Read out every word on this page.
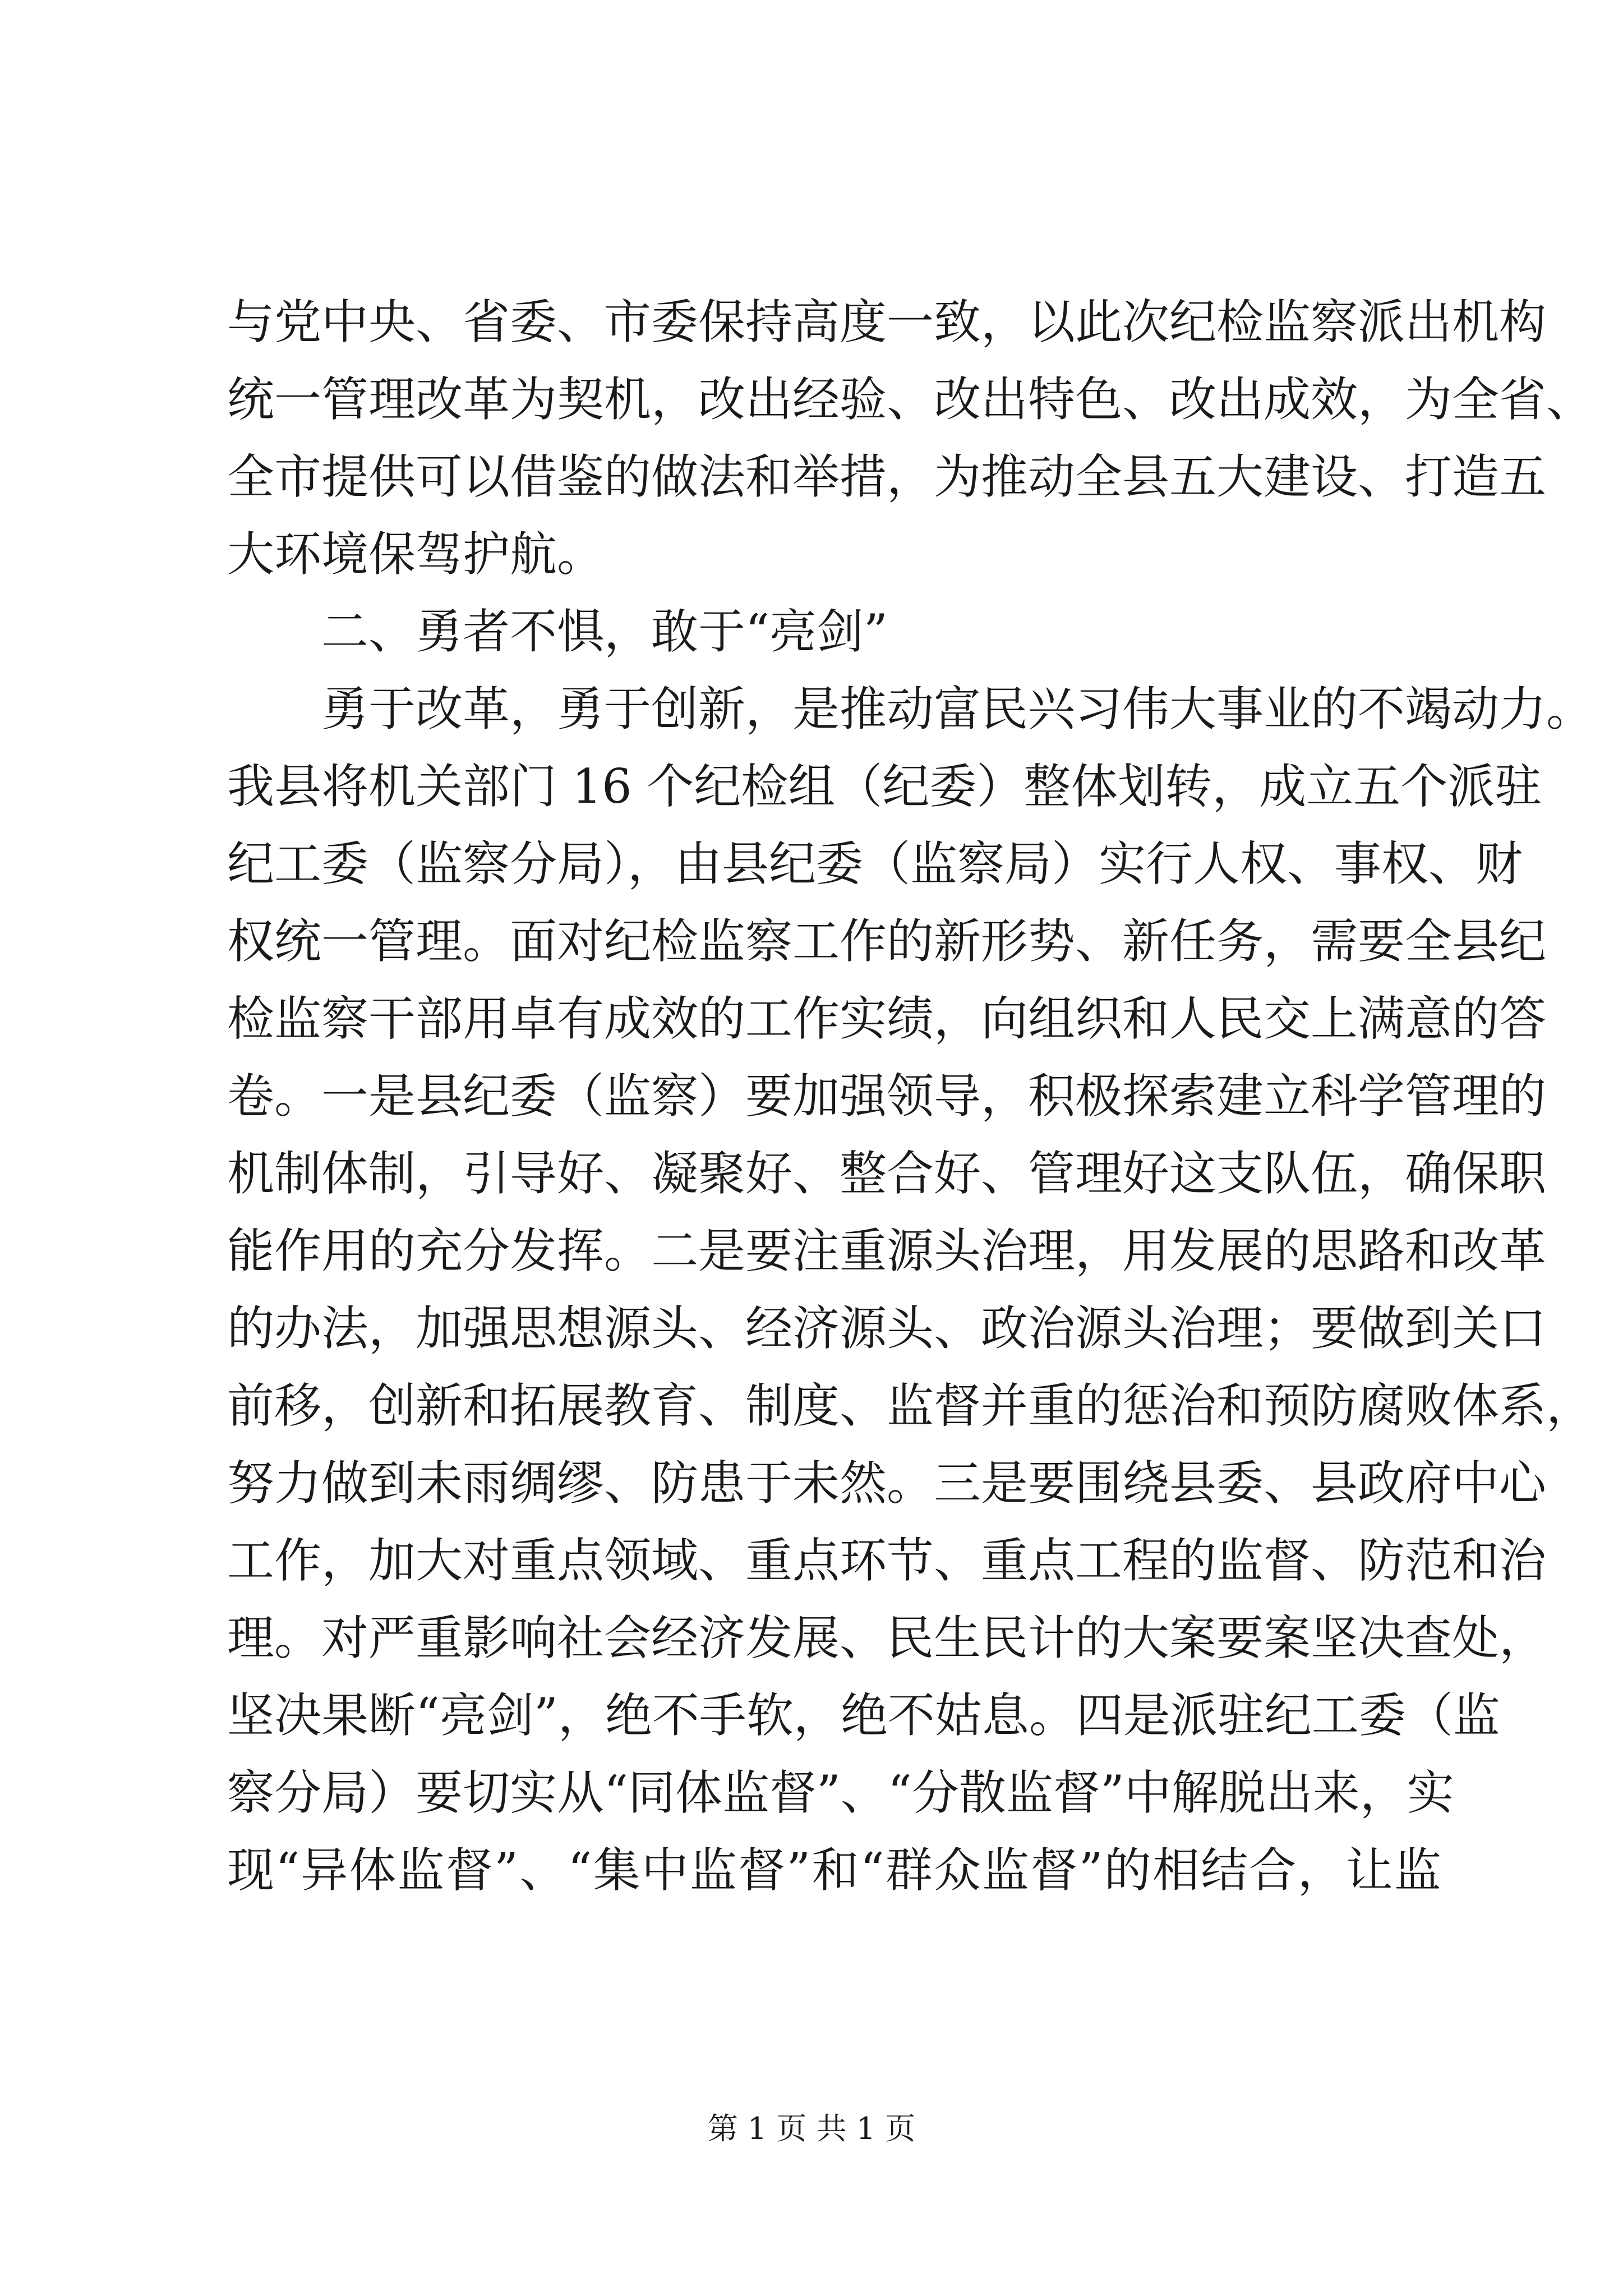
与党中央、省委、市委保持高度一致，以此次纪检监察派出机构
统一管理改革为契机，改出经验、改出特色、改出成效，为全省、
全市提供可以借鉴的做法和举措，为推动全县五大建设、打造五
大环境保驾护航。
二、勇者不惧，敢于“亮剑”
勇于改革，勇于创新，是推动富民兴习伟大事业的不竭动力。
我县将机关部门 16 个纪检组（纪委）整体划转，成立五个派驻
纪工委（监察分局），由县纪委（监察局）实行人权、事权、财
权统一管理。面对纪检监察工作的新形势、新任务，需要全县纪
检监察干部用卓有成效的工作实绩，向组织和人民交上满意的答
卷。一是县纪委（监察）要加强领导，积极探索建立科学管理的
机制体制，引导好、凝聚好、整合好、管理好这支队伍，确保职
能作用的充分发挥。二是要注重源头治理，用发展的思路和改革
的办法，加强思想源头、经济源头、政治源头治理；要做到关口
前移，创新和拓展教育、制度、监督并重的惩治和预防腐败体系，
努力做到未雨绸缪、防患于未然。三是要围绕县委、县政府中心
工作，加大对重点领域、重点环节、重点工程的监督、防范和治
理。对严重影响社会经济发展、民生民计的大案要案坚决查处，
坚决果断“亮剑”，绝不手软，绝不姑息。四是派驻纪工委（监
察分局）要切实从“同体监督”、“分散监督”中解脱出来，实
现“异体监督”、“集中监督”和“群众监督”的相结合，让监
第 1 页 共 1 页
